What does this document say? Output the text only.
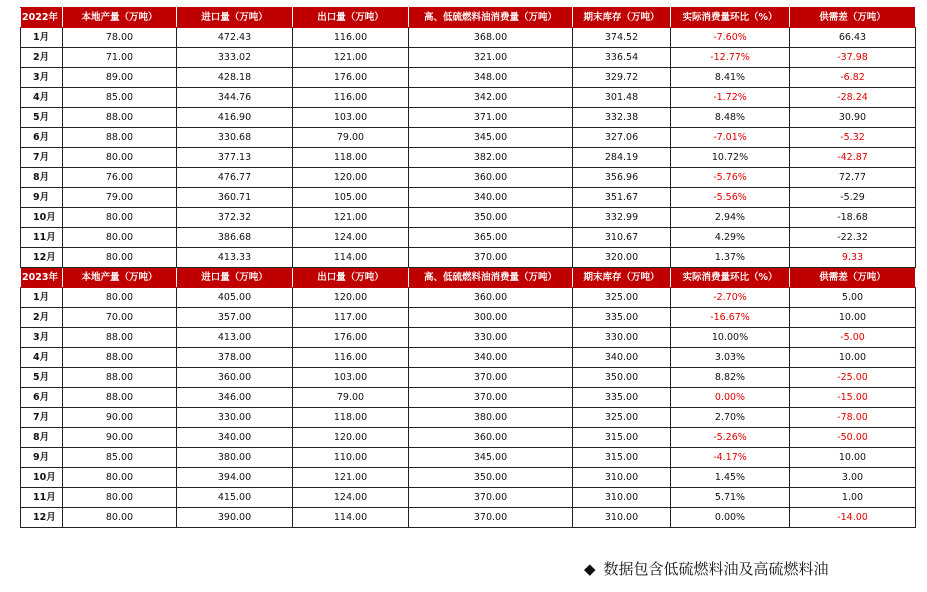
2022年	本地产量（万吨）	进口量（万吨）	出口量（万吨）	高、低硫燃料油消费量（万吨）	期末库存（万吨）	实际消费量环比（%）	供需差（万吨）
1月	78.00	472.43	116.00	368.00	374.52	-7.60%	66.43
2月	71.00	333.02	121.00	321.00	336.54	-12.77%	-37.98
3月	89.00	428.18	176.00	348.00	329.72	8.41%	-6.82
4月	85.00	344.76	116.00	342.00	301.48	-1.72%	-28.24
5月	88.00	416.90	103.00	371.00	332.38	8.48%	30.90
6月	88.00	330.68	79.00	345.00	327.06	-7.01%	-5.32
7月	80.00	377.13	118.00	382.00	284.19	10.72%	-42.87
8月	76.00	476.77	120.00	360.00	356.96	-5.76%	72.77
9月	79.00	360.71	105.00	340.00	351.67	-5.56%	-5.29
10月	80.00	372.32	121.00	350.00	332.99	2.94%	-18.68
11月	80.00	386.68	124.00	365.00	310.67	4.29%	-22.32
12月	80.00	413.33	114.00	370.00	320.00	1.37%	9.33
2023年	本地产量（万吨）	进口量（万吨）	出口量（万吨）	高、低硫燃料油消费量（万吨）	期末库存（万吨）	实际消费量环比（%）	供需差（万吨）
1月	80.00	405.00	120.00	360.00	325.00	-2.70%	5.00
2月	70.00	357.00	117.00	300.00	335.00	-16.67%	10.00
3月	88.00	413.00	176.00	330.00	330.00	10.00%	-5.00
4月	88.00	378.00	116.00	340.00	340.00	3.03%	10.00
5月	88.00	360.00	103.00	370.00	350.00	8.82%	-25.00
6月	88.00	346.00	79.00	370.00	335.00	0.00%	-15.00
7月	90.00	330.00	118.00	380.00	325.00	2.70%	-78.00
8月	90.00	340.00	120.00	360.00	315.00	-5.26%	-50.00
9月	85.00	380.00	110.00	345.00	315.00	-4.17%	10.00
10月	80.00	394.00	121.00	350.00	310.00	1.45%	3.00
11月	80.00	415.00	124.00	370.00	310.00	5.71%	1.00
12月	80.00	390.00	114.00	370.00	310.00	0.00%	-14.00
◆ 数据包含低硫燃料油及高硫燃料油
